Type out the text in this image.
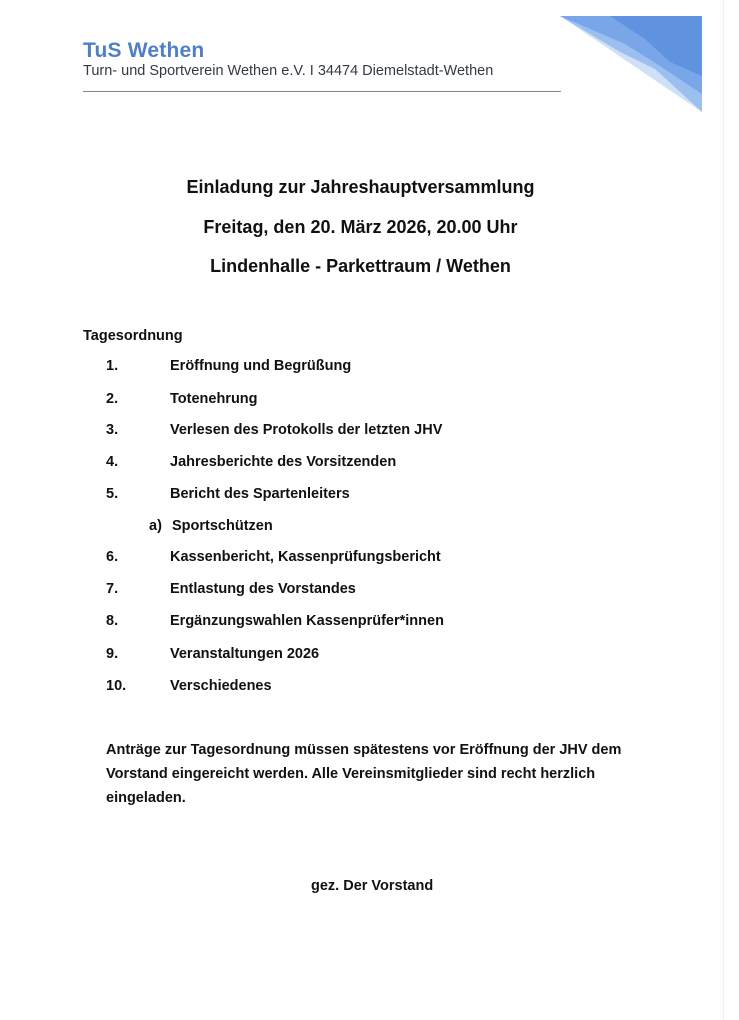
TuS Wethen
Turn- und Sportverein Wethen e.V. I 34474 Diemelstadt-Wethen
Einladung zur Jahreshauptversammlung
Freitag, den 20. März 2026, 20.00 Uhr
Lindenhalle - Parkettraum / Wethen
Tagesordnung
1.	Eröffnung und Begrüßung
2.	Totenehrung
3.	Verlesen des Protokolls der letzten JHV
4.	Jahresberichte des Vorsitzenden
5.	Bericht des Spartenleiters
a) Sportschützen
6.	Kassenbericht, Kassenprüfungsbericht
7.	Entlastung des Vorstandes
8.	Ergänzungswahlen Kassenprüfer*innen
9.	Veranstaltungen 2026
10.	Verschiedenes
Anträge zur Tagesordnung müssen spätestens vor Eröffnung der JHV dem Vorstand eingereicht werden. Alle Vereinsmitglieder sind recht herzlich eingeladen.
gez. Der Vorstand
